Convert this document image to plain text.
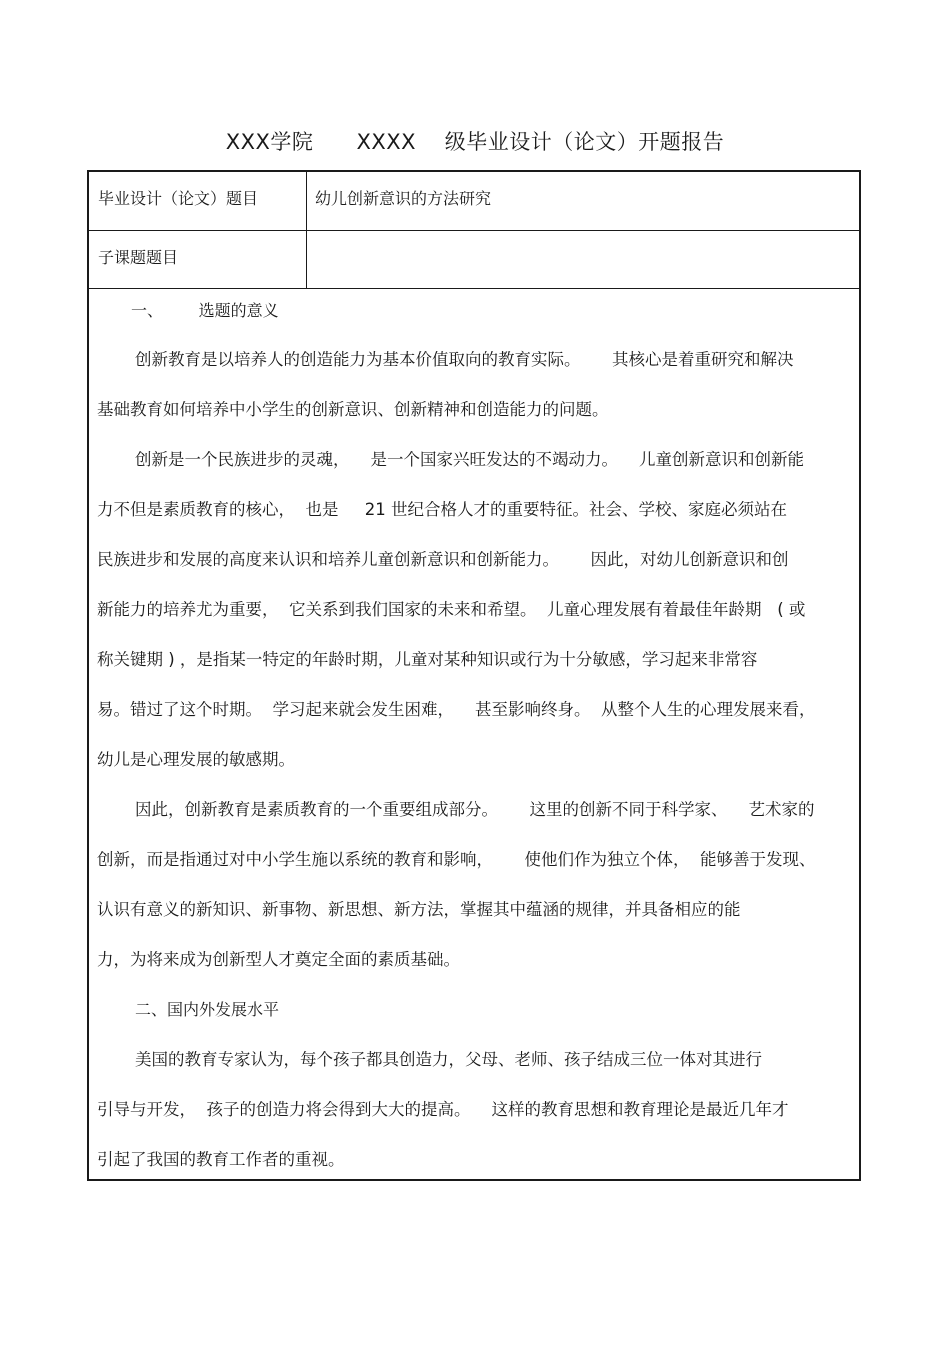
XXX学院      XXXX    级毕业设计（论文）开题报告
毕业设计（论文）题目	幼儿创新意识的方法研究
子课题题目
一、       选题的意义
创新教育是以培养人的创造能力为基本价值取向的教育实际。      其核心是着重研究和解决
基础教育如何培养中小学生的创新意识、创新精神和创造能力的问题。
创新是一个民族进步的灵魂，    是一个国家兴旺发达的不竭动力。    儿童创新意识和创新能
力不但是素质教育的核心，  也是     21 世纪合格人才的重要特征。社会、学校、家庭必须站在
民族进步和发展的高度来认识和培养儿童创新意识和创新能力。      因此，对幼儿创新意识和创
新能力的培养尤为重要，  它关系到我们国家的未来和希望。  儿童心理发展有着最佳年龄期   ( 或
称关键期 ) ，是指某一特定的年龄时期，儿童对某种知识或行为十分敏感，学习起来非常容
易。错过了这个时期。  学习起来就会发生困难，    甚至影响终身。  从整个人生的心理发展来看，
幼儿是心理发展的敏感期。
因此，创新教育是素质教育的一个重要组成部分。      这里的创新不同于科学家、    艺术家的
创新，而是指通过对中小学生施以系统的教育和影响，      使他们作为独立个体，  能够善于发现、
认识有意义的新知识、新事物、新思想、新方法，掌握其中蕴涵的规律，并具备相应的能
力，为将来成为创新型人才奠定全面的素质基础。
二、国内外发展水平
美国的教育专家认为，每个孩子都具创造力，父母、老师、孩子结成三位一体对其进行
引导与开发，  孩子的创造力将会得到大大的提高。    这样的教育思想和教育理论是最近几年才
引起了我国的教育工作者的重视。
